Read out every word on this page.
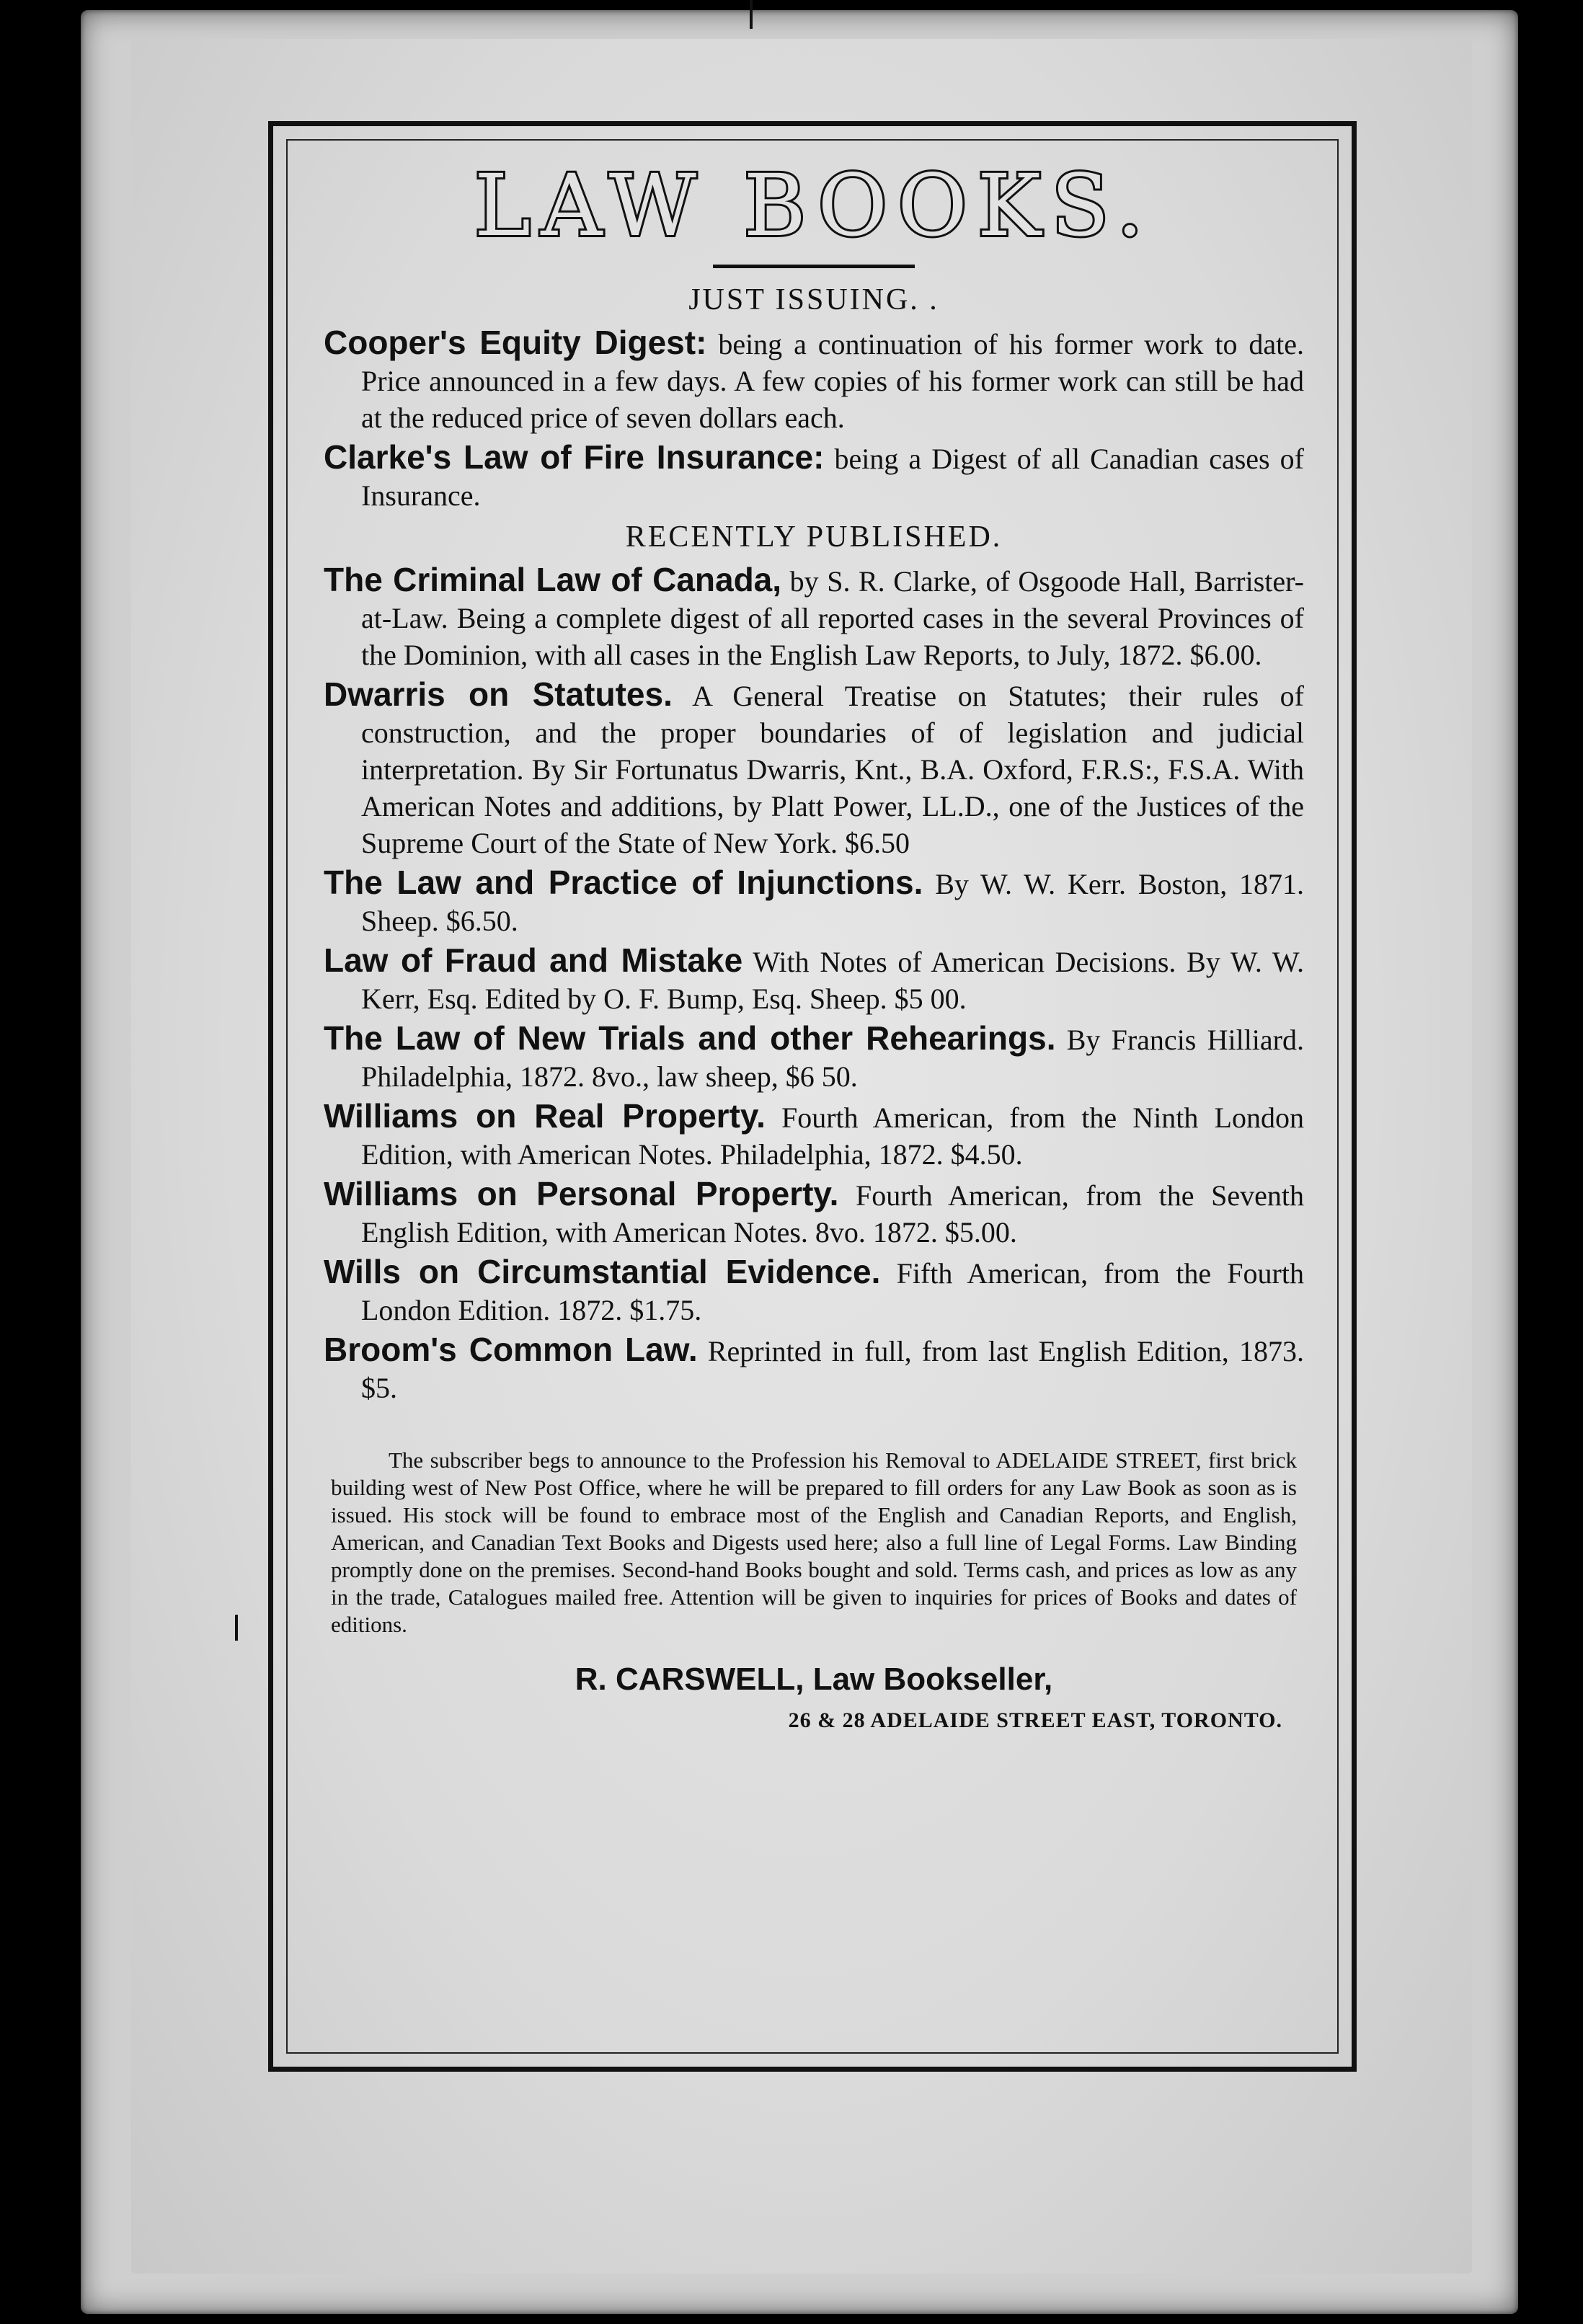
LAW BOOKS.
JUST ISSUING. .

Cooper's Equity Digest: being a continuation of his former work to date. Price announced in a few days. A few copies of his former work can still be had at the reduced price of seven dollars each.

Clarke's Law of Fire Insurance: being a Digest of all Canadian cases of Insurance.

RECENTLY PUBLISHED.

The Criminal Law of Canada, by S. R. Clarke, of Osgoode Hall, Barrister-at-Law. Being a complete digest of all reported cases in the several Provinces of the Dominion, with all cases in the English Law Reports, to July, 1872. $6.00.

Dwarris on Statutes. A General Treatise on Statutes; their rules of construction, and the proper boundaries of of legislation and judicial interpretation. By Sir Fortunatus Dwarris, Knt., B.A. Oxford, F.R.S:, F.S.A. With American Notes and additions, by Platt Power, LL.D., one of the Justices of the Supreme Court of the State of New York. $6.50

The Law and Practice of Injunctions. By W. W. Kerr. Boston, 1871. Sheep. $6.50.

Law of Fraud and Mistake With Notes of American Decisions. By W. W. Kerr, Esq. Edited by O. F. Bump, Esq. Sheep. $5 00.

The Law of New Trials and other Rehearings. By Francis Hilliard. Philadelphia, 1872. 8vo., law sheep, $6 50.

Williams on Real Property. Fourth American, from the Ninth London Edition, with American Notes. Philadelphia, 1872. $4.50.

Williams on Personal Property. Fourth American, from the Seventh English Edition, with American Notes. 8vo. 1872. $5.00.

Wills on Circumstantial Evidence. Fifth American, from the Fourth London Edition. 1872. $1.75.

Broom's Common Law. Reprinted in full, from last English Edition, 1873. $5.

The subscriber begs to announce to the Profession his Removal to ADELAIDE STREET, first brick building west of New Post Office, where he will be prepared to fill orders for any Law Book as soon as is issued. His stock will be found to embrace most of the English and Canadian Reports, and English, American, and Canadian Text Books and Digests used here; also a full line of Legal Forms. Law Binding promptly done on the premises. Second-hand Books bought and sold. Terms cash, and prices as low as any in the trade, Catalogues mailed free. Attention will be given to inquiries for prices of Books and dates of editions.

R. CARSWELL, Law Bookseller,
26 & 28 ADELAIDE STREET EAST, TORONTO.
